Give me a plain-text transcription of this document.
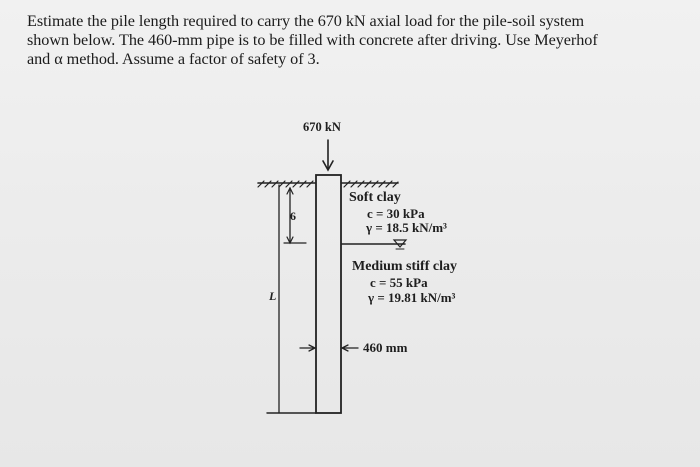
Estimate the pile length required to carry the 670 kN axial load for the pile-soil system
shown below. The 460-mm pipe is to be filled with concrete after driving. Use Meyerhof
and α method. Assume a factor of safety of 3.

670 kN
Soft clay
c = 30 kPa
γ = 18.5 kN/m³
Medium stiff clay
c = 55 kPa
γ = 19.81 kN/m³
460 mm
6
L
